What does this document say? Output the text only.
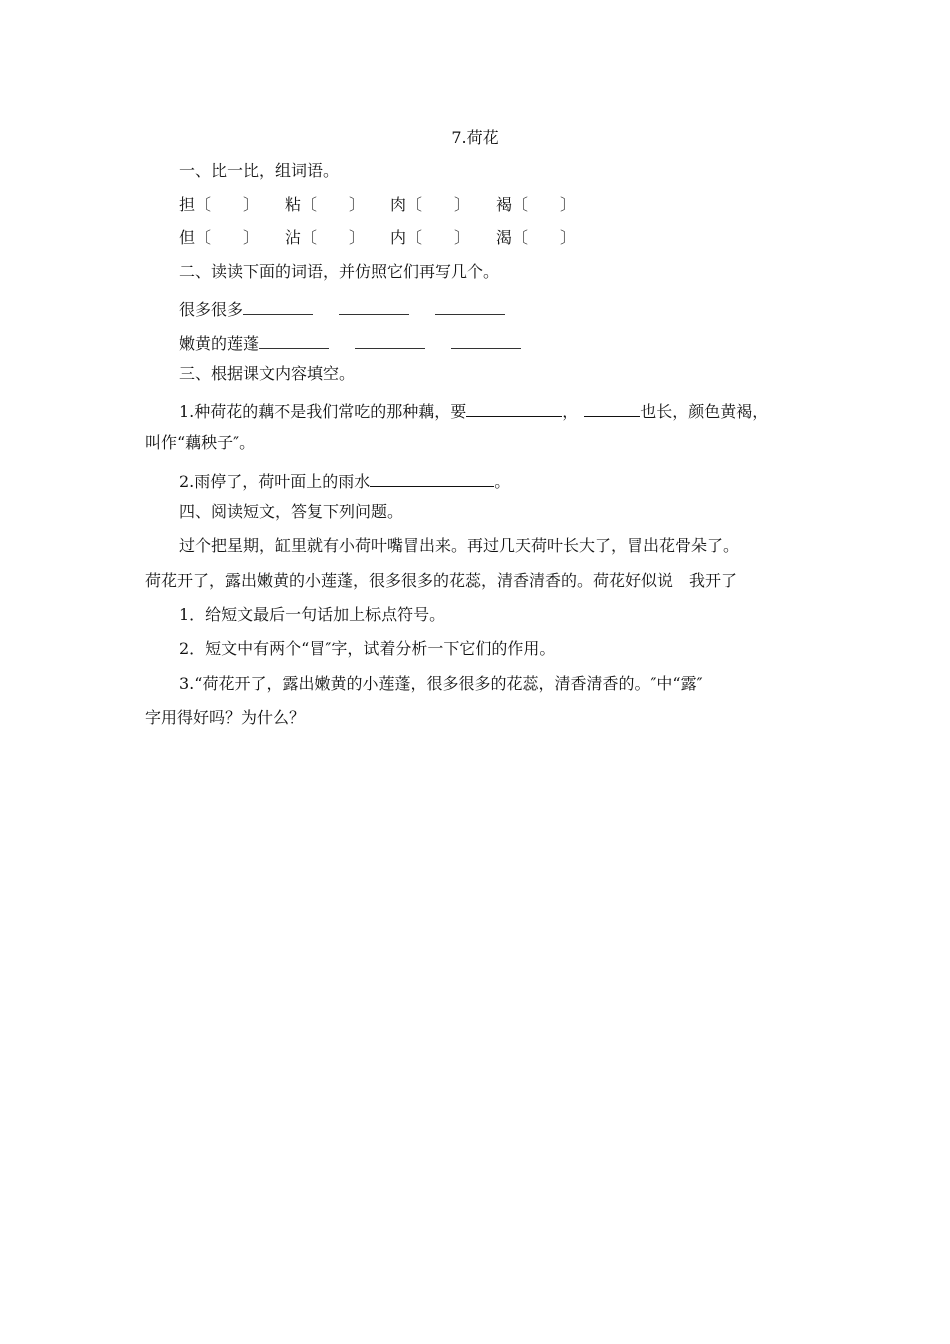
7.荷花
一、比一比，组词语。
担〔　　〕 粘〔　　〕 肉〔　　〕 褐〔　　〕
但〔　　〕 沾〔　　〕 内〔　　〕 渴〔　　〕
二、读读下面的词语，并仿照它们再写几个。
很多很多
嫩黄的莲蓬
三、根据课文内容填空。
1.种荷花的藕不是我们常吃的那种藕，要	，	也长，颜色黄褐，
叫作“藕秧子″。
2.雨停了，荷叶面上的雨水	。
四、阅读短文，答复下列问题。
过个把星期，缸里就有小荷叶嘴冒出来。再过几天荷叶长大了，冒出花骨朵了。
荷花开了，露出嫩黄的小莲蓬，很多很多的花蕊，清香清香的。荷花好似说　我开了
1．给短文最后一句话加上标点符号。
2．短文中有两个“冒″字，试着分析一下它们的作用。
3.“荷花开了，露出嫩黄的小莲蓬，很多很多的花蕊，清香清香的。″中“露″
字用得好吗？为什么？
